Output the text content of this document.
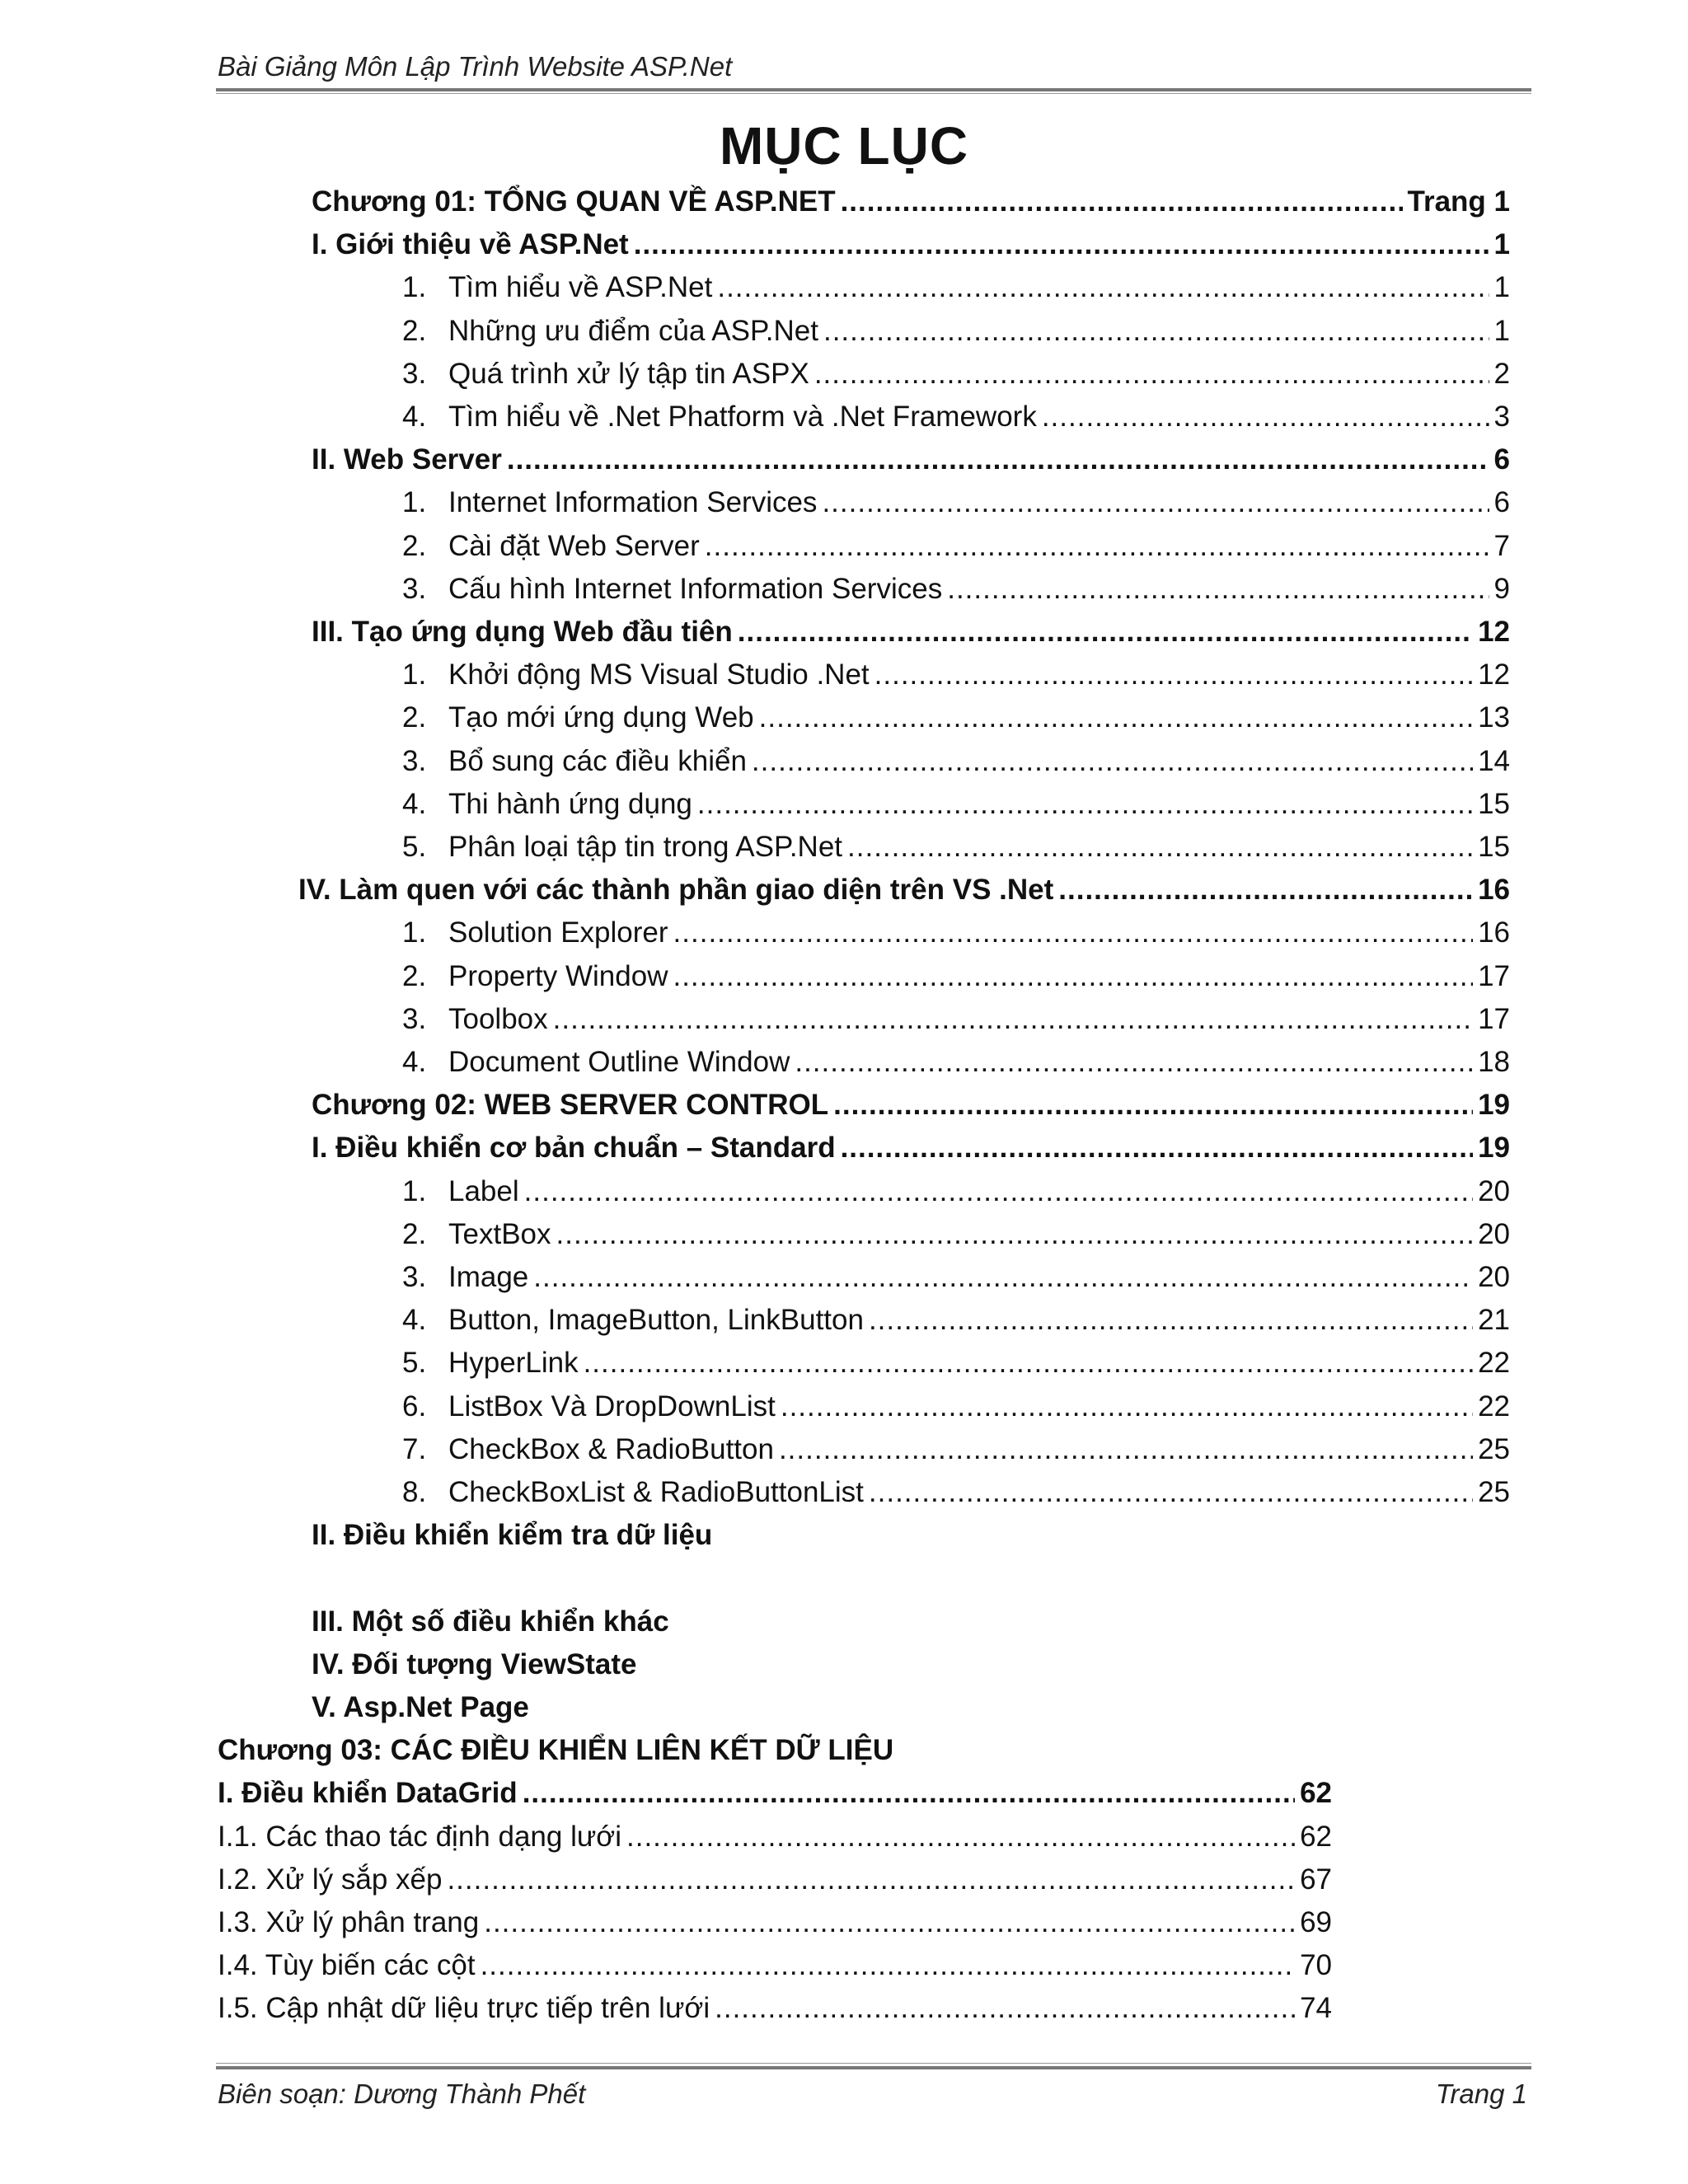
Bài Giảng Môn Lập Trình Website ASP.Net
MỤC LỤC
Chương 01: TỔNG QUAN VỀ ASP.NET .....	Trang 1
I. Giới thiệu về ASP.Net .....	1
1. Tìm hiểu về ASP.Net .....	1
2. Những ưu điểm của ASP.Net .....	1
3. Quá trình xử lý tập tin ASPX .....	2
4. Tìm hiểu về .Net Phatform và .Net Framework .....	3
II. Web Server .....	6
1. Internet Information Services .....	6
2. Cài đặt Web Server .....	7
3. Cấu hình Internet Information Services .....	9
III. Tạo ứng dụng Web đầu tiên .....	12
1. Khởi động MS Visual Studio .Net .....	12
2. Tạo mới ứng dụng Web .....	13
3. Bổ sung các điều khiển .....	14
4. Thi hành ứng dụng .....	15
5. Phân loại tập tin trong ASP.Net .....	15
IV. Làm quen với các thành phần giao diện trên VS .Net .....	16
1. Solution Explorer .....	16
2. Property Window .....	17
3. Toolbox .....	17
4. Document Outline Window .....	18
Chương 02: WEB SERVER CONTROL .....	19
I. Điều khiển cơ bản chuẩn – Standard .....	19
1. Label .....	20
2. TextBox .....	20
3. Image .....	20
4. Button, ImageButton, LinkButton .....	21
5. HyperLink .....	22
6. ListBox Và DropDownList .....	22
7. CheckBox & RadioButton .....	25
8. CheckBoxList & RadioButtonList .....	25
II. Điều khiển kiểm tra dữ liệu
III. Một số điều khiển khác
IV. Đối tượng ViewState
V. Asp.Net Page
Chương 03: CÁC ĐIỀU KHIỂN LIÊN KẾT DỮ LIỆU
I. Điều khiển DataGrid .....	62
I.1. Các thao tác định dạng lưới .....	62
I.2. Xử lý sắp xếp .....	67
I.3. Xử lý phân trang .....	69
I.4. Tùy biến các cột .....	70
I.5. Cập nhật dữ liệu trực tiếp trên lưới .....	74
Biên soạn: Dương Thành Phết	Trang 1
